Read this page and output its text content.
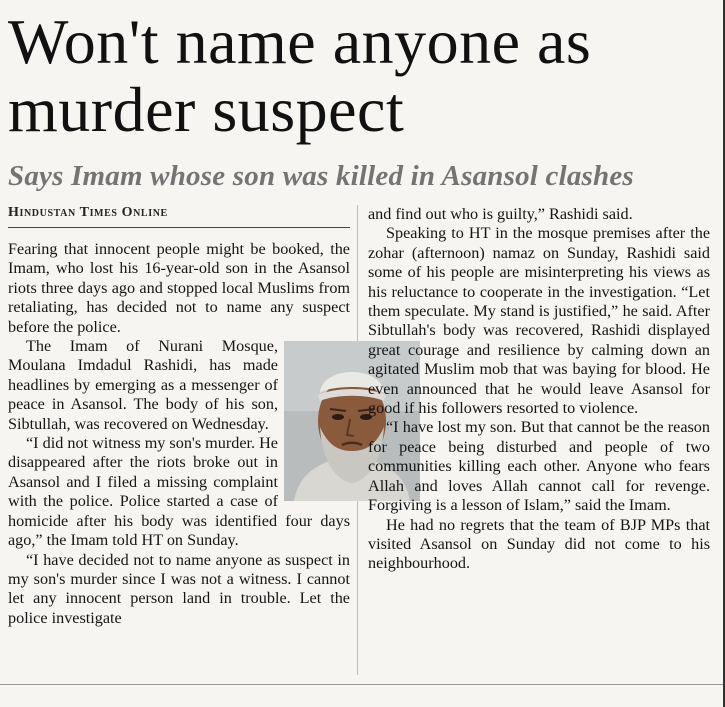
Won't name anyone as murder suspect
Says Imam whose son was killed in Asansol clashes
Hindustan Times Online

Fearing that innocent people might be booked, the Imam, who lost his 16-year-old son in the Asansol riots three days ago and stopped local Muslims from retaliating, has decided not to name any suspect before the police.

The Imam of Nurani Mosque, Moulana Imdadul Rashidi, has made headlines by emerging as a messenger of peace in Asansol. The body of his son, Sibtullah, was recovered on Wednesday.

“I did not witness my son's murder. He disappeared after the riots broke out in Asansol and I filed a missing complaint with the police. Police started a case of homicide after his body was identified four days ago,” the Imam told HT on Sunday.

“I have decided not to name anyone as suspect in my son's murder since I was not a witness. I cannot let any innocent person land in trouble. Let the police investigate

and find out who is guilty,” Rashidi said.

Speaking to HT in the mosque premises after the zohar (afternoon) namaz on Sunday, Rashidi said some of his people are misinterpreting his views as his reluctance to cooperate in the investigation. “Let them speculate. My stand is justified,” he said. After Sibtullah's body was recovered, Rashidi displayed great courage and resilience by calming down an agitated Muslim mob that was baying for blood. He even announced that he would leave Asansol for good if his followers resorted to violence.

“I have lost my son. But that cannot be the reason for peace being disturbed and people of two communities killing each other. Anyone who fears Allah and loves Allah cannot call for revenge. Forgiving is a lesson of Islam,” said the Imam.

He had no regrets that the team of BJP MPs that visited Asansol on Sunday did not come to his neighbourhood.
